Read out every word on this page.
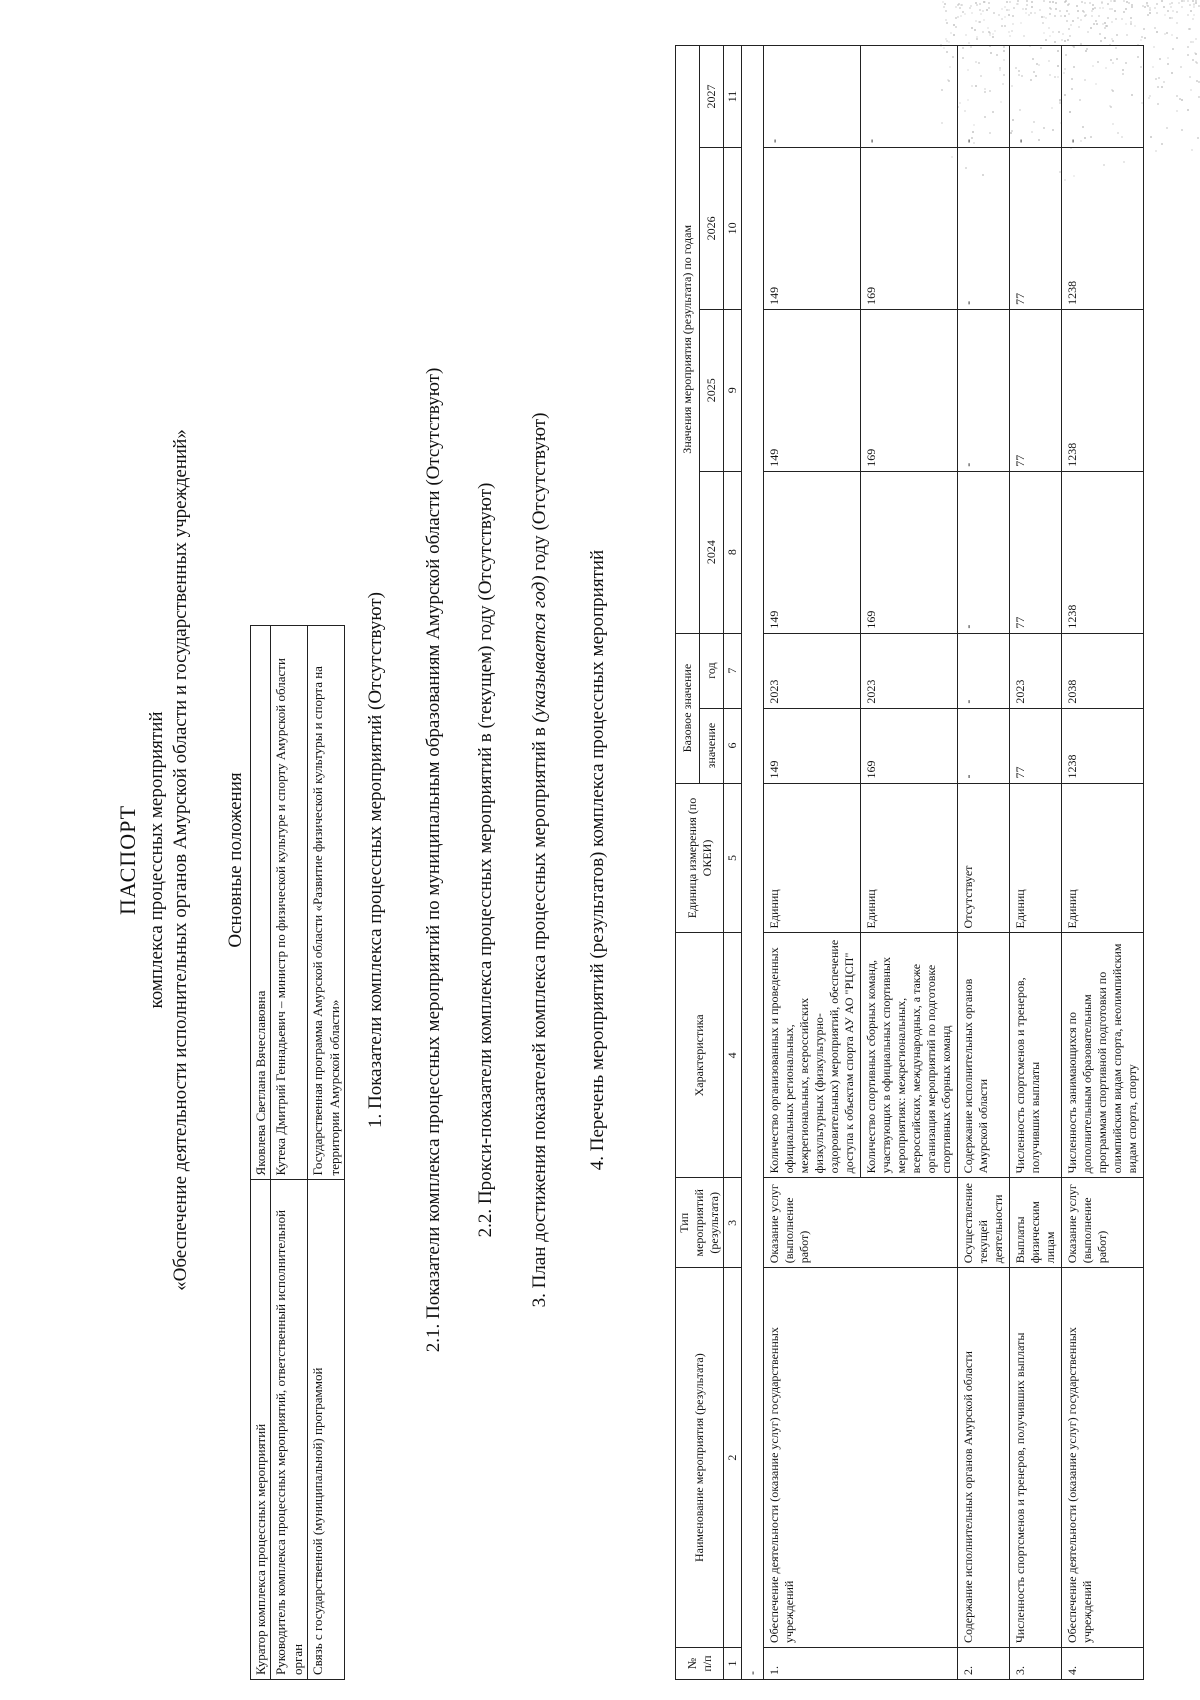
ПАСПОРТ комплекса процессных мероприятий «Обеспечение деятельности исполнительных органов Амурской области и государственных учреждений» Основные положения
Куратор комплекса процессных мероприятий	Яковлева Светлана Вячеславовна
Руководитель комплекса процессных мероприятий, ответственный исполнительной орган	Кутека Дмитрий Геннадьевич – министр по физической культуре и спорту Амурской области
Связь с государственной (муниципальной) программой	Государственная программа Амурской области «Развитие физической культуры и спорта на территории Амурской области» 1. Показатели комплекса процессных мероприятий (Отсутствуют) 2.1. Показатели комплекса процессных мероприятий по муниципальным образованиям Амурской области (Отсутствуют) 2.2. Прокси-показатели комплекса процессных мероприятий в (текущем) году (Отсутствуют) 3. План достижения показателей комплекса процессных мероприятий в (указывается год) году (Отсутствуют)
4. Перечень мероприятий (результатов) комплекса процессных мероприятий
№ п/п	Наименование мероприятия (результата)	Тип мероприятий (результата)	Характеристика	Единица измерения (по ОКЕИ)	Базовое значение		Значения мероприятия (результата) по годам			
					значение	год	2024	2025	2026	2027
1	2	3	4	5	6	7	8	9	10	11
-										
1.	Обеспечение деятельности (оказание услуг) государственных учреждений	Оказание услуг (выполнение работ)	Количество организованных и проведенных официальных региональных, межрегиональных, всероссийских физкультурных (физкультурно-оздоровительных) мероприятий, обеспечение доступа к объектам спорта АУ АО "РЦСП"	Единиц	149	2023	149	149	149	-
			Количество спортивных сборных команд, участвующих в официальных спортивных мероприятиях: межрегиональных, всероссийских, международных, а также организация мероприятий по подготовке спортивных сборных команд	Единиц	169	2023	169	169	169	-
2.	Содержание исполнительных органов Амурской области	Осуществление текущей деятельности	Содержание исполнительных органов Амурской области	Отсутствует	-	-	-	-	-	-
3.	Численность спортсменов и тренеров, получивших выплаты	Выплаты физическим лицам	Численность спортсменов и тренеров, получивших выплаты	Единиц	77	2023	77	77	77	-
4.	Обеспечение деятельности (оказание услуг) государственных учреждений	Оказание услуг (выполнение работ)	Численность занимающихся по дополнительным образовательным программам спортивной подготовки по олимпийским видам спорта, неолимпийским видам спорта, спорту	Единиц	1238	2038	1238	1238	1238	-
